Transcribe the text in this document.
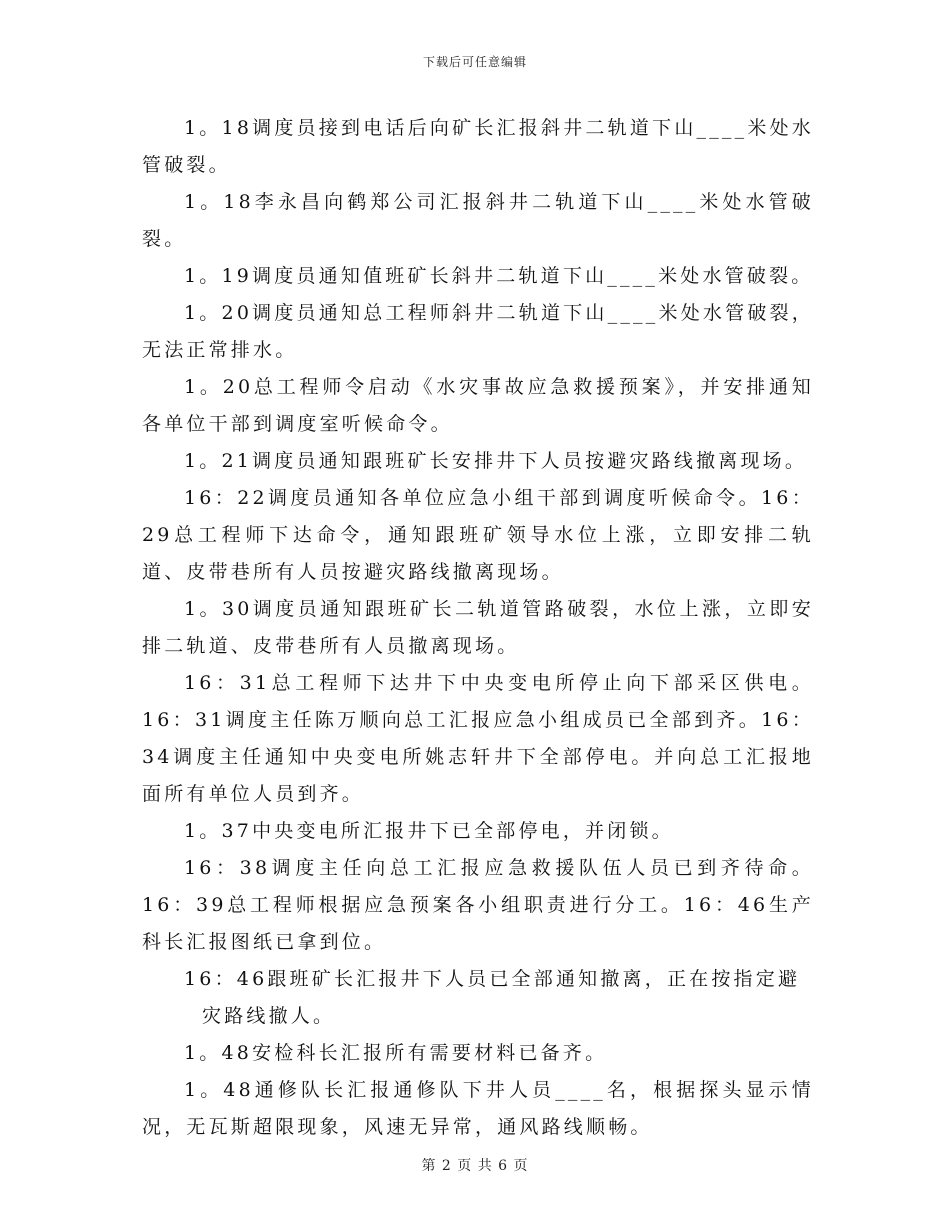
下载后可任意编辑

1。18调度员接到电话后向矿长汇报斜井二轨道下山____米处水管破裂。

1。18李永昌向鹤郑公司汇报斜井二轨道下山____米处水管破裂。

1。19调度员通知值班矿长斜井二轨道下山____米处水管破裂。

1。20调度员通知总工程师斜井二轨道下山____米处水管破裂，无法正常排水。

1。20总工程师令启动《水灾事故应急救援预案》，并安排通知各单位干部到调度室听候命令。

1。21调度员通知跟班矿长安排井下人员按避灾路线撤离现场。

16：22调度员通知各单位应急小组干部到调度听候命令。16：29总工程师下达命令，通知跟班矿领导水位上涨，立即安排二轨道、皮带巷所有人员按避灾路线撤离现场。

1。30调度员通知跟班矿长二轨道管路破裂，水位上涨，立即安排二轨道、皮带巷所有人员撤离现场。

16：31总工程师下达井下中央变电所停止向下部采区供电。16：31调度主任陈万顺向总工汇报应急小组成员已全部到齐。16：34调度主任通知中央变电所姚志轩井下全部停电。并向总工汇报地面所有单位人员到齐。

1。37中央变电所汇报井下已全部停电，并闭锁。

16：38调度主任向总工汇报应急救援队伍人员已到齐待命。16：39总工程师根据应急预案各小组职责进行分工。16：46生产科长汇报图纸已拿到位。

16：46跟班矿长汇报井下人员已全部通知撤离，正在按指定避
灾路线撤人。

1。48安检科长汇报所有需要材料已备齐。

1。48通修队长汇报通修队下井人员____名，根据探头显示情况，无瓦斯超限现象，风速无异常，通风路线顺畅。

第 2 页 共 6 页
